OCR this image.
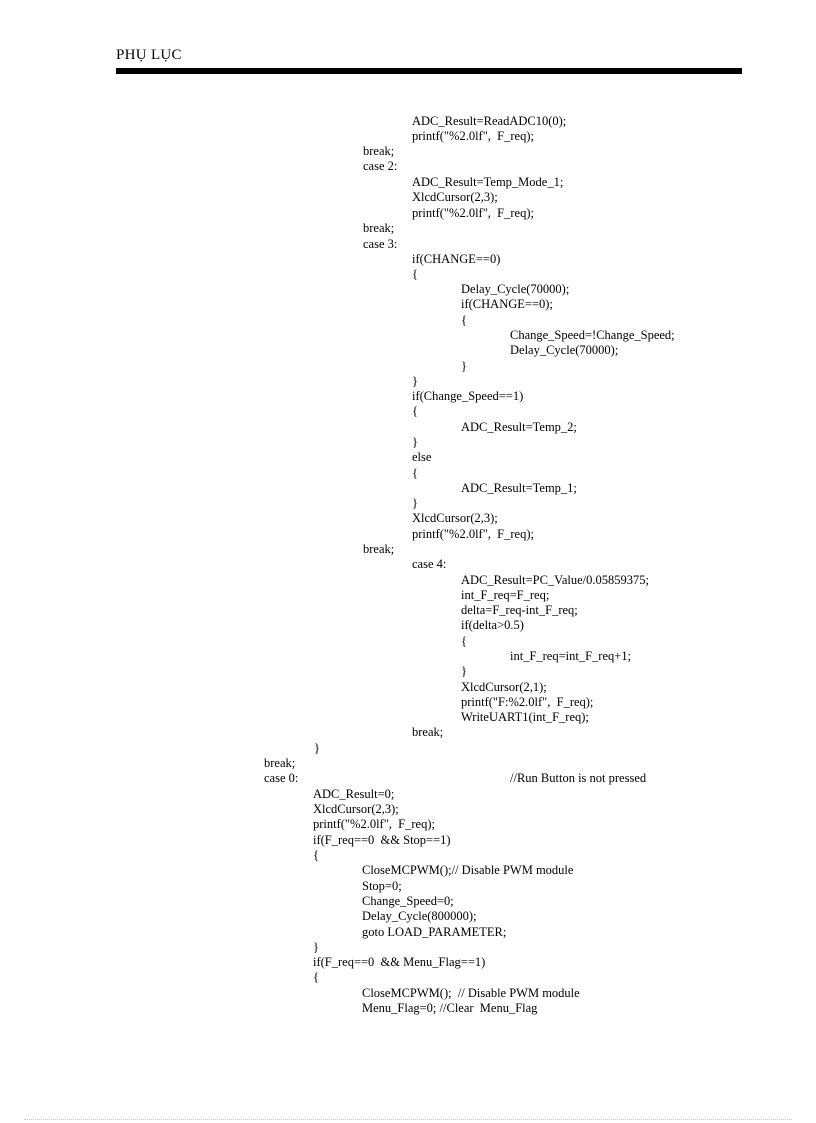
PHỤ LỤC
ADC_Result=ReadADC10(0);
printf("%2.0lf",  F_req);
break;
case 2:
ADC_Result=Temp_Mode_1;
XlcdCursor(2,3);
printf("%2.0lf",  F_req);
break;
case 3:
if(CHANGE==0)
{
Delay_Cycle(70000);
if(CHANGE==0);
{
Change_Speed=!Change_Speed;
Delay_Cycle(70000);
}
}
if(Change_Speed==1)
{
ADC_Result=Temp_2;
}
else
{
ADC_Result=Temp_1;
}
XlcdCursor(2,3);
printf("%2.0lf",  F_req);
break;
case 4:
ADC_Result=PC_Value/0.05859375;
int_F_req=F_req;
delta=F_req-int_F_req;
if(delta>0.5)
{
int_F_req=int_F_req+1;
}
XlcdCursor(2,1);
printf("F:%2.0lf",  F_req);
WriteUART1(int_F_req);
break;
}
break;
case 0:	//Run Button is not pressed
ADC_Result=0;
XlcdCursor(2,3);
printf("%2.0lf",  F_req);
if(F_req==0  && Stop==1)
{
CloseMCPWM();// Disable PWM module
Stop=0;
Change_Speed=0;
Delay_Cycle(800000);
goto LOAD_PARAMETER;
}
if(F_req==0  && Menu_Flag==1)
{
CloseMCPWM();  // Disable PWM module
Menu_Flag=0; //Clear  Menu_Flag
